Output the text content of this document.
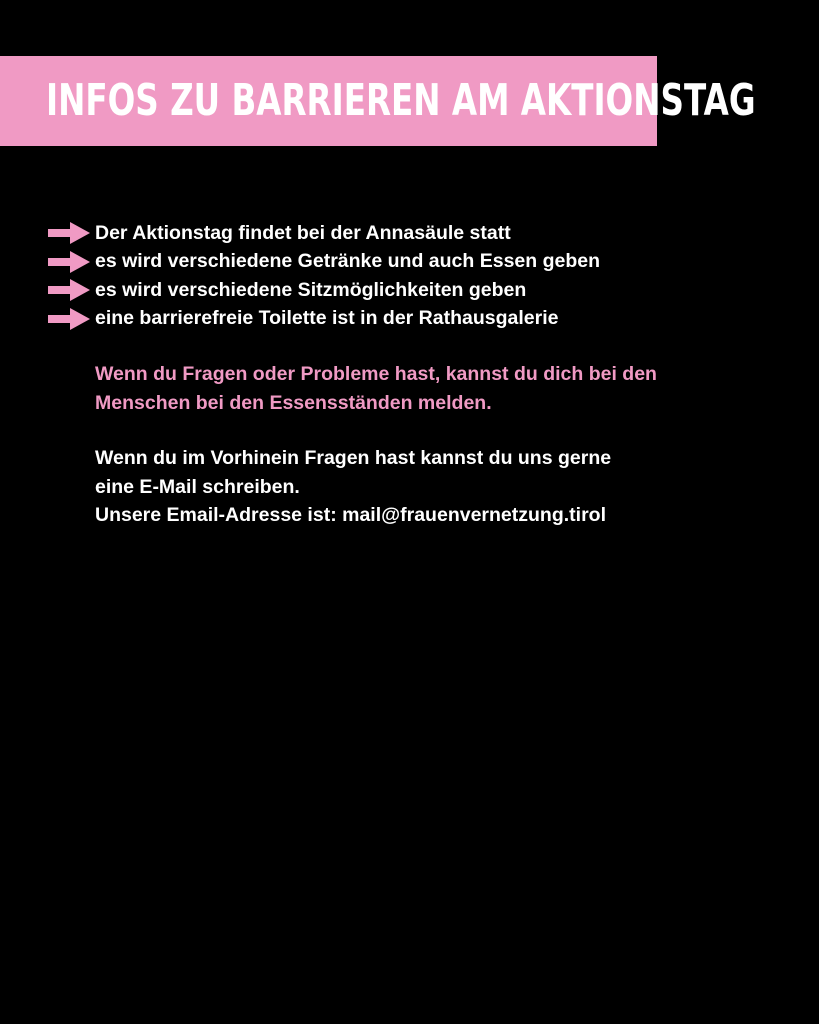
INFOS ZU BARRIEREN AM AKTIONSTAG
Der Aktionstag findet bei der Annasäule statt
es wird verschiedene Getränke und auch Essen geben
es wird verschiedene Sitzmöglichkeiten geben
eine barrierefreie Toilette ist in der Rathausgalerie

Wenn du Fragen oder Probleme hast, kannst du dich bei den
Menschen bei den Essensständen melden.

Wenn du im Vorhinein Fragen hast kannst du uns gerne
eine E-Mail schreiben.
Unsere Email-Adresse ist: mail@frauenvernetzung.tirol
